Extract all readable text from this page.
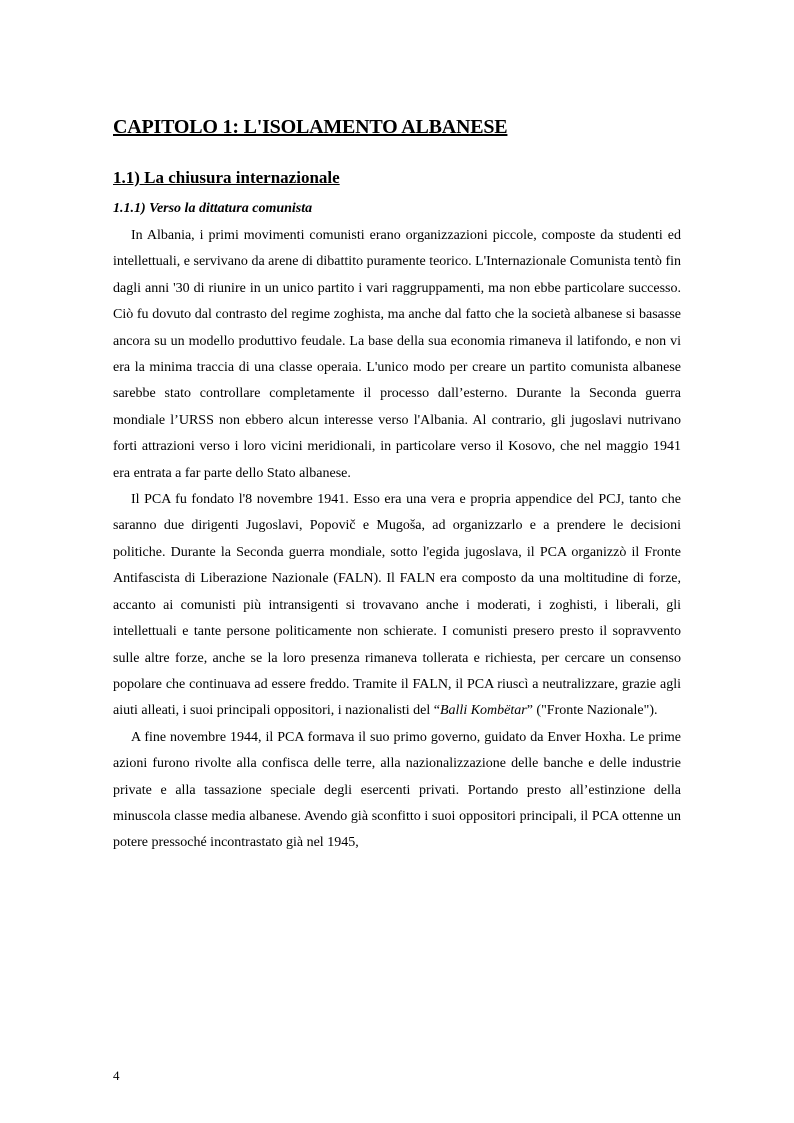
CAPITOLO 1: L'ISOLAMENTO ALBANESE
1.1) La chiusura internazionale
1.1.1) Verso la dittatura comunista

In Albania, i primi movimenti comunisti erano organizzazioni piccole, composte da studenti ed intellettuali, e servivano da arene di dibattito puramente teorico. L'Internazionale Comunista tentò fin dagli anni '30 di riunire in un unico partito i vari raggruppamenti, ma non ebbe particolare successo. Ciò fu dovuto dal contrasto del regime zoghista, ma anche dal fatto che la società albanese si basasse ancora su un modello produttivo feudale. La base della sua economia rimaneva il latifondo, e non vi era la minima traccia di una classe operaia. L'unico modo per creare un partito comunista albanese sarebbe stato controllare completamente il processo dall’esterno. Durante la Seconda guerra mondiale l’URSS non ebbero alcun interesse verso l'Albania. Al contrario, gli jugoslavi nutrivano forti attrazioni verso i loro vicini meridionali, in particolare verso il Kosovo, che nel maggio 1941 era entrata a far parte dello Stato albanese.

Il PCA fu fondato l'8 novembre 1941. Esso era una vera e propria appendice del PCJ, tanto che saranno due dirigenti Jugoslavi, Popovič e Mugoša, ad organizzarlo e a prendere le decisioni politiche. Durante la Seconda guerra mondiale, sotto l'egida jugoslava, il PCA organizzò il Fronte Antifascista di Liberazione Nazionale (FALN). Il FALN era composto da una moltitudine di forze, accanto ai comunisti più intransigenti si trovavano anche i moderati, i zoghisti, i liberali, gli intellettuali e tante persone politicamente non schierate. I comunisti presero presto il sopravvento sulle altre forze, anche se la loro presenza rimaneva tollerata e richiesta, per cercare un consenso popolare che continuava ad essere freddo. Tramite il FALN, il PCA riuscì a neutralizzare, grazie agli aiuti alleati, i suoi principali oppositori, i nazionalisti del “Balli Kombëtar” ("Fronte Nazionale").

A fine novembre 1944, il PCA formava il suo primo governo, guidato da Enver Hoxha. Le prime azioni furono rivolte alla confisca delle terre, alla nazionalizzazione delle banche e delle industrie private e alla tassazione speciale degli esercenti privati. Portando presto all’estinzione della minuscola classe media albanese. Avendo già sconfitto i suoi oppositori principali, il PCA ottenne un potere pressoché incontrastato già nel 1945,

4
